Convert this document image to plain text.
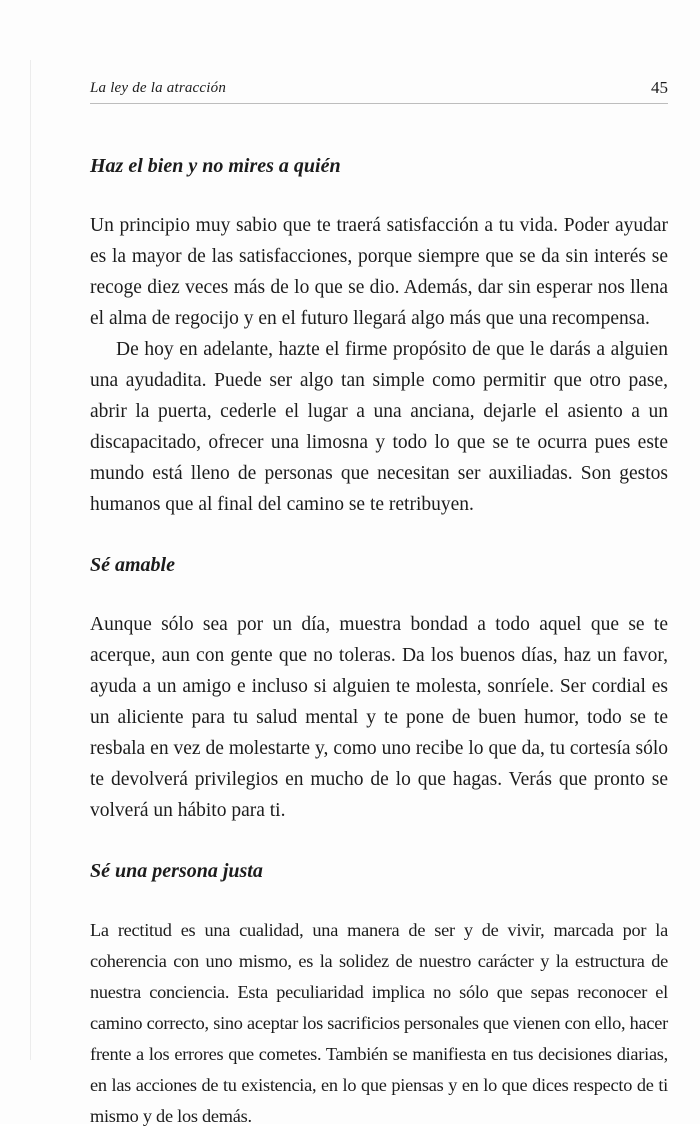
La ley de la atracción	45
Haz el bien y no mires a quién

Un principio muy sabio que te traerá satisfacción a tu vida. Poder ayudar es la mayor de las satisfacciones, porque siempre que se da sin interés se recoge diez veces más de lo que se dio. Además, dar sin esperar nos llena el alma de regocijo y en el futuro llegará algo más que una recompensa.

De hoy en adelante, hazte el firme propósito de que le darás a alguien una ayudadita. Puede ser algo tan simple como permitir que otro pase, abrir la puerta, cederle el lugar a una anciana, dejarle el asiento a un discapacitado, ofrecer una limosna y todo lo que se te ocurra pues este mundo está lleno de personas que necesitan ser auxiliadas. Son gestos humanos que al final del camino se te retribuyen.

Sé amable

Aunque sólo sea por un día, muestra bondad a todo aquel que se te acerque, aun con gente que no toleras. Da los buenos días, haz un favor, ayuda a un amigo e incluso si alguien te molesta, sonríele. Ser cordial es un aliciente para tu salud mental y te pone de buen humor, todo se te resbala en vez de molestarte y, como uno recibe lo que da, tu cortesía sólo te devolverá privilegios en mucho de lo que hagas. Verás que pronto se volverá un hábito para ti.

Sé una persona justa

La rectitud es una cualidad, una manera de ser y de vivir, marcada por la coherencia con uno mismo, es la solidez de nuestro carácter y la estructura de nuestra conciencia. Esta peculiaridad implica no sólo que sepas reconocer el camino correcto, sino aceptar los sacrificios personales que vienen con ello, hacer frente a los errores que cometes. También se manifiesta en tus decisiones diarias, en las acciones de tu existencia, en lo que piensas y en lo que dices respecto de ti mismo y de los demás.
